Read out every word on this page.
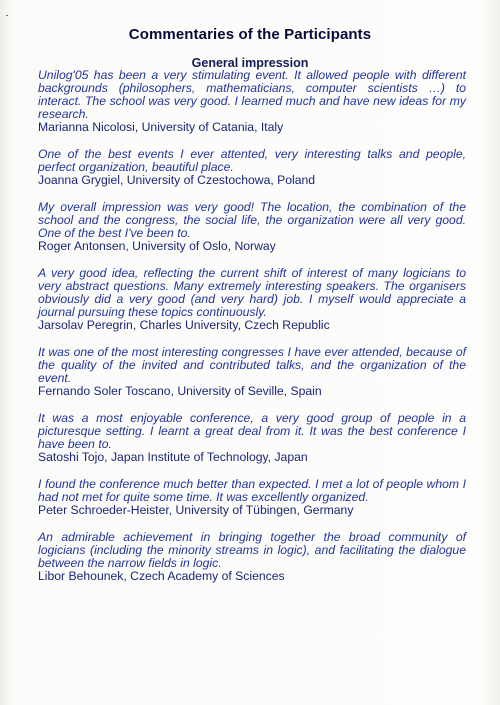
Commentaries of the Participants
General impression

Unilog'05 has been a very stimulating event. It allowed people with different backgrounds (philosophers, mathematicians, computer scientists …) to interact. The school was very good. I learned much and have new ideas for my research.

Marianna Nicolosi, University of Catania, Italy

One of the best events I ever attented, very interesting talks and people, perfect organization, beautiful place.

Joanna Grygiel, University of Czestochowa, Poland

My overall impression was very good! The location, the combination of the school and the congress, the social life, the organization were all very good. One of the best I've been to.

Roger Antonsen, University of Oslo, Norway

A very good idea, reflecting the current shift of interest of many logicians to very abstract questions. Many extremely interesting speakers. The organisers obviously did a very good (and very hard) job. I myself would appreciate a journal pursuing these topics continuously.

Jarsolav Peregrin, Charles University, Czech Republic

It was one of the most interesting congresses I have ever attended, because of the quality of the invited and contributed talks, and the organization of the event.

Fernando Soler Toscano, University of Seville, Spain

It was a most enjoyable conference, a very good group of people in a picturesque setting. I learnt a great deal from it. It was the best conference I have been to.

Satoshi Tojo, Japan Institute of Technology, Japan

I found the conference much better than expected. I met a lot of people whom I had not met for quite some time. It was excellently organized.

Peter Schroeder-Heister, University of Tübingen, Germany

An admirable achievement in bringing together the broad community of logicians (including the minority streams in logic), and facilitating the dialogue between the narrow fields in logic.

Libor Behounek, Czech Academy of Sciences
